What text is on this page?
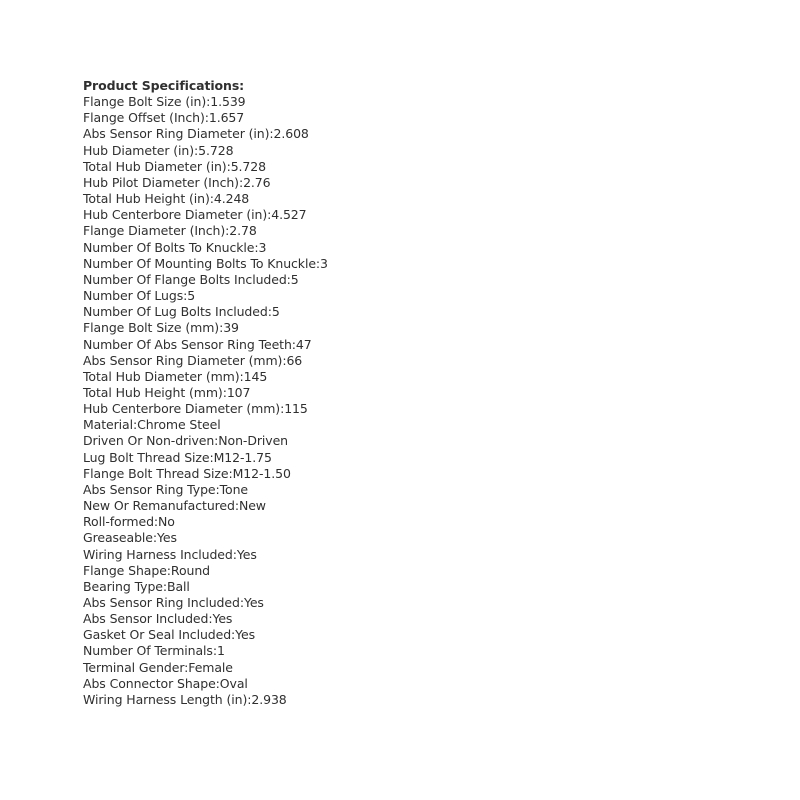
Product Specifications:
Flange Bolt Size (in):1.539
Flange Offset (Inch):1.657
Abs Sensor Ring Diameter (in):2.608
Hub Diameter (in):5.728
Total Hub Diameter (in):5.728
Hub Pilot Diameter (Inch):2.76
Total Hub Height (in):4.248
Hub Centerbore Diameter (in):4.527
Flange Diameter (Inch):2.78
Number Of Bolts To Knuckle:3
Number Of Mounting Bolts To Knuckle:3
Number Of Flange Bolts Included:5
Number Of Lugs:5
Number Of Lug Bolts Included:5
Flange Bolt Size (mm):39
Number Of Abs Sensor Ring Teeth:47
Abs Sensor Ring Diameter (mm):66
Total Hub Diameter (mm):145
Total Hub Height (mm):107
Hub Centerbore Diameter (mm):115
Material:Chrome Steel
Driven Or Non-driven:Non-Driven
Lug Bolt Thread Size:M12-1.75
Flange Bolt Thread Size:M12-1.50
Abs Sensor Ring Type:Tone
New Or Remanufactured:New
Roll-formed:No
Greaseable:Yes
Wiring Harness Included:Yes
Flange Shape:Round
Bearing Type:Ball
Abs Sensor Ring Included:Yes
Abs Sensor Included:Yes
Gasket Or Seal Included:Yes
Number Of Terminals:1
Terminal Gender:Female
Abs Connector Shape:Oval
Wiring Harness Length (in):2.938
